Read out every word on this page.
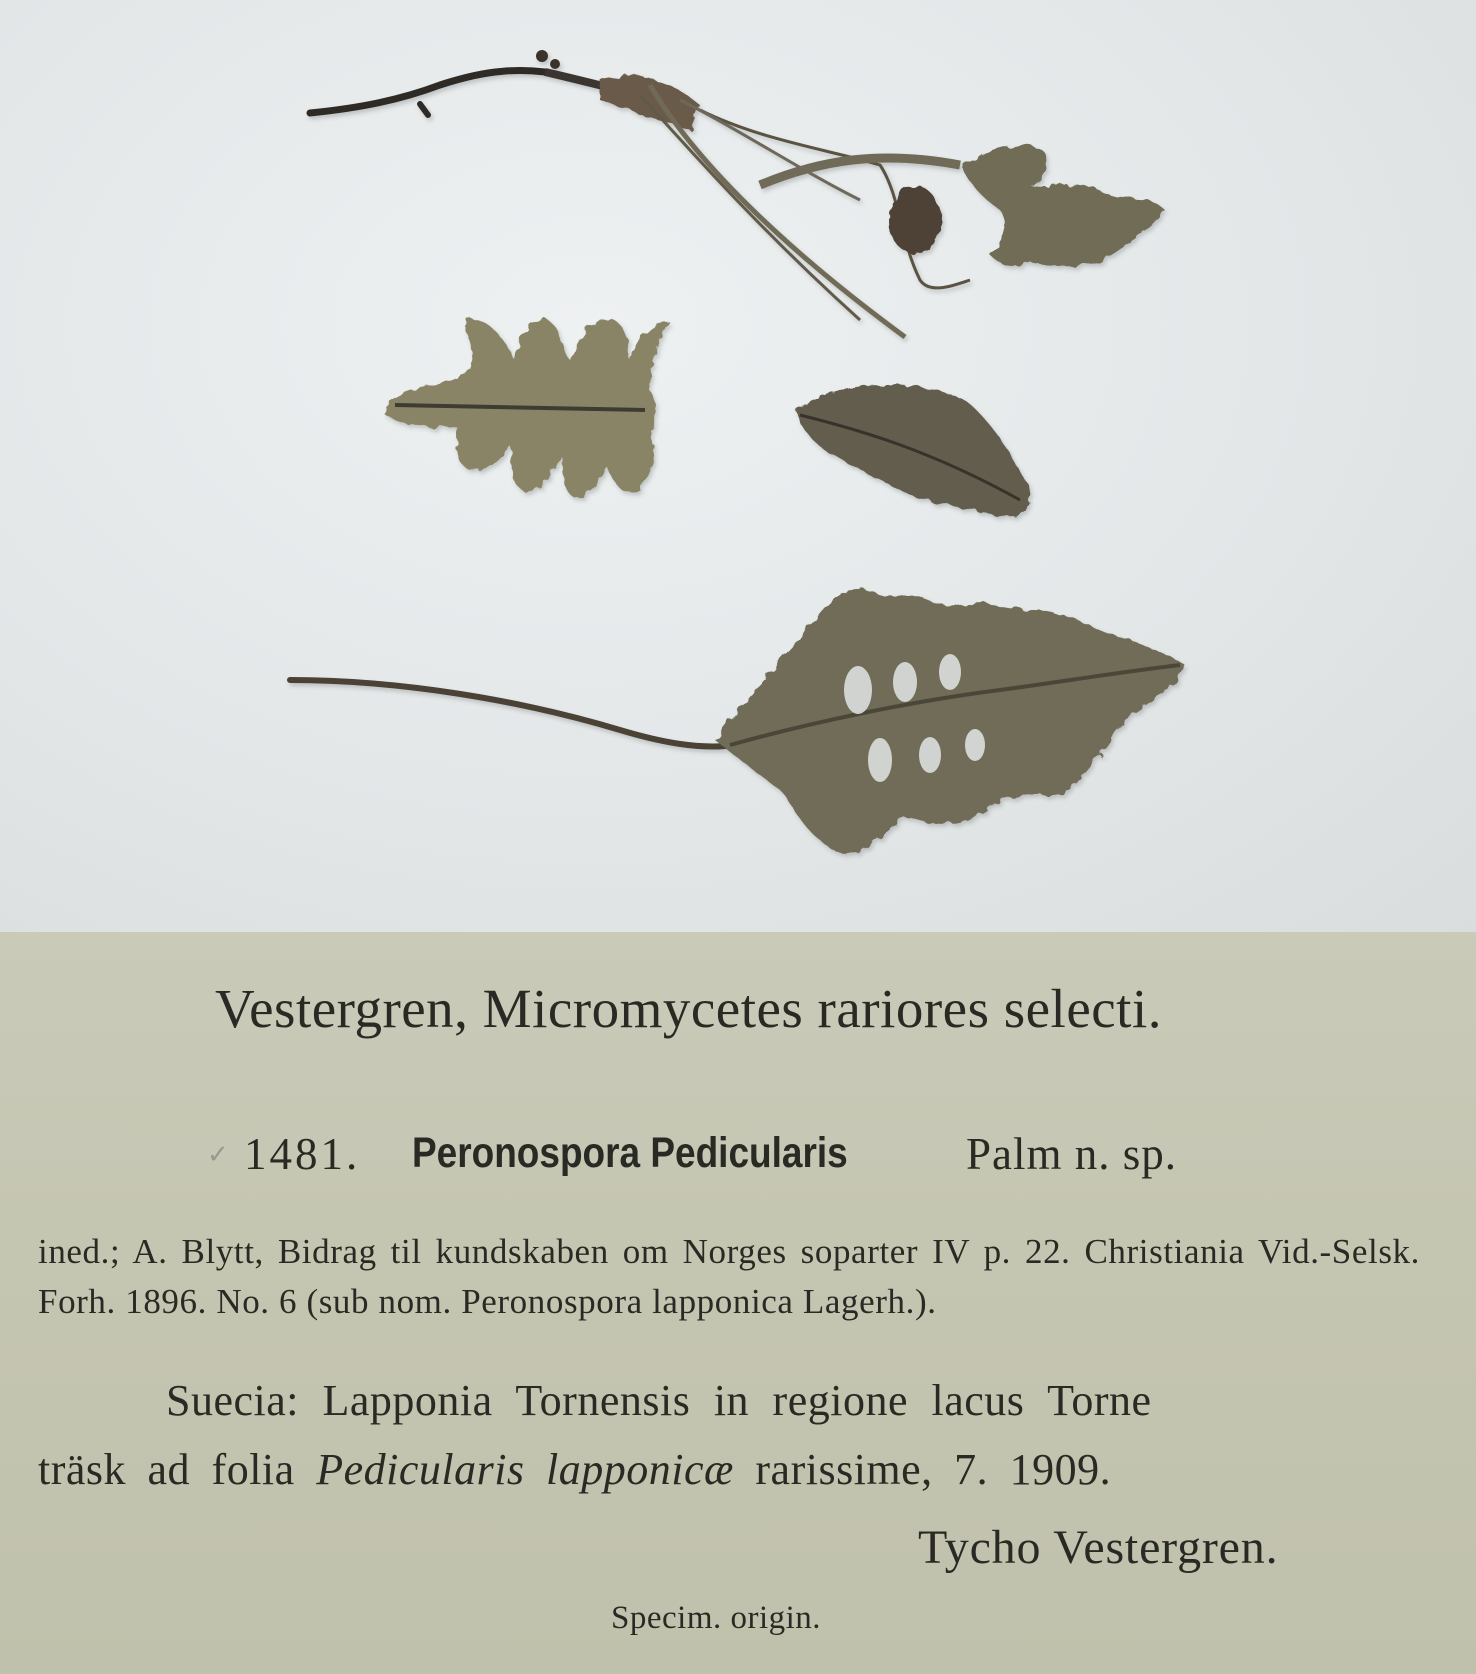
Vestergren, Micromycetes rariores selecti.
✓ 1481. Peronospora Pedicularis	Palm n. sp.
ined.; A. Blytt, Bidrag til kundskaben om Norges soparter IV p. 22. Christiania Vid.-Selsk. Forh. 1896. No. 6 (sub nom. Peronospora lapponica Lagerh.).
Suecia: Lapponia Tornensis in regione lacus Torne
träsk ad folia Pedicularis lapponicæ rarissime, 7. 1909.
Tycho Vestergren.
Specim. origin.
